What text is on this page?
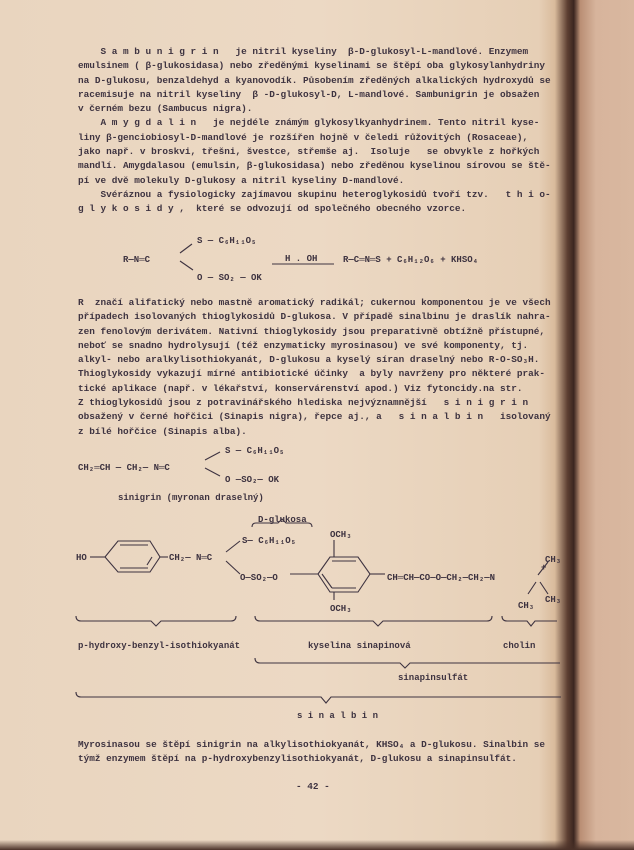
S a m b u n i g r i n   je nitril kyseliny  β-D-glukosyl-L-mandlové. Enzymem
emulsinem ( β-glukosidasa) nebo zředěnými kyselinami se štěpí oba glykosylanhydriny
na D-glukosu, benzaldehyd a kyanovodík. Působením zředěných alkalických hydroxydů se
racemisuje na nitril kyseliny  β -D-glukosyl-D, L-mandlové. Sambunigrin je obsažen
v černém bezu (Sambucus nigra).
A m y g d a l i n   je nejdéle známým glykosylkyanhydrinem. Tento nitril kyse-
liny β-genciobiosyl-D-mandlové je rozšířen hojně v čeledi růžovitých (Rosaceae),
jako např. v broskvi, třešni, švestce, střemše aj.  Isoluje   se obvykle z hořkých
mandlí. Amygdalasou (emulsin, β-glukosidasa) nebo zředěnou kyselinou sírovou se ště-
pí ve dvě molekuly D-glukosy a nitril kyseliny D-mandlové.
Svéráznou a fysiologicky zajímavou skupinu heteroglykosidů tvoří tzv.   t h i o-
g l y k o s i d y ,  které se odvozují od společného obecného vzorce.
R—N═C
S — C₆H₁₁O₅
O — SO₂ — OK
H . OH	R—C═N═S + C₆H₁₂O₆ + KHSO₄
R  značí alifatický nebo mastně aromatický radikál; cukernou komponentou je ve všech
případech isolovaných thioglykosidů D-glukosa. V případě sinalbinu je draslík nahra-
zen fenolovým derivátem. Nativní thioglykosidy jsou preparativně obtížně přístupné,
neboť se snadno hydrolysují (též enzymaticky myrosinasou) ve své komponenty, tj.
alkyl- nebo aralkylisothiokyanát, D-glukosu a kyselý síran draselný nebo R-O-SO₃H.
Thioglykosidy vykazují mírné antibiotické účinky  a byly navrženy pro některé prak-
tické aplikace (např. v lékařství, konservárenství apod.) Viz fytoncidy.na str.
Z thioglykosidů jsou z potravinářského hlediska nejvýznamnější   s i n i g r i n
obsažený v černé hořčici (Sinapis nigra), řepce aj., a   s i n a l b i n   isolovaný
z bílé hořčice (Sinapis alba).
CH₂═CH — CH₂— N═C
S — C₆H₁₁O₅
O —SO₂— OK
sinigrin (myronan draselný)
D-glukosa
HO	CH₂— N═C
S— C₆H₁₁O₅
O—SO₂—O
OCH₃
OCH₃
CH═CH—CO—O—CH₂—CH₂—N
+
CH₃
CH₃
CH₃
p-hydroxy-benzyl-isothiokyanát	kyselina sinapinová	cholin
sinapinsulfát
s i n a l b i n
Myrosinasou se štěpí sinigrin na alkylisothiokyanát, KHSO₄ a D-glukosu. Sinalbin se
týmž enzymem štěpí na p-hydroxybenzylisothiokyanát, D-glukosu a sinapinsulfát.
- 42 -
